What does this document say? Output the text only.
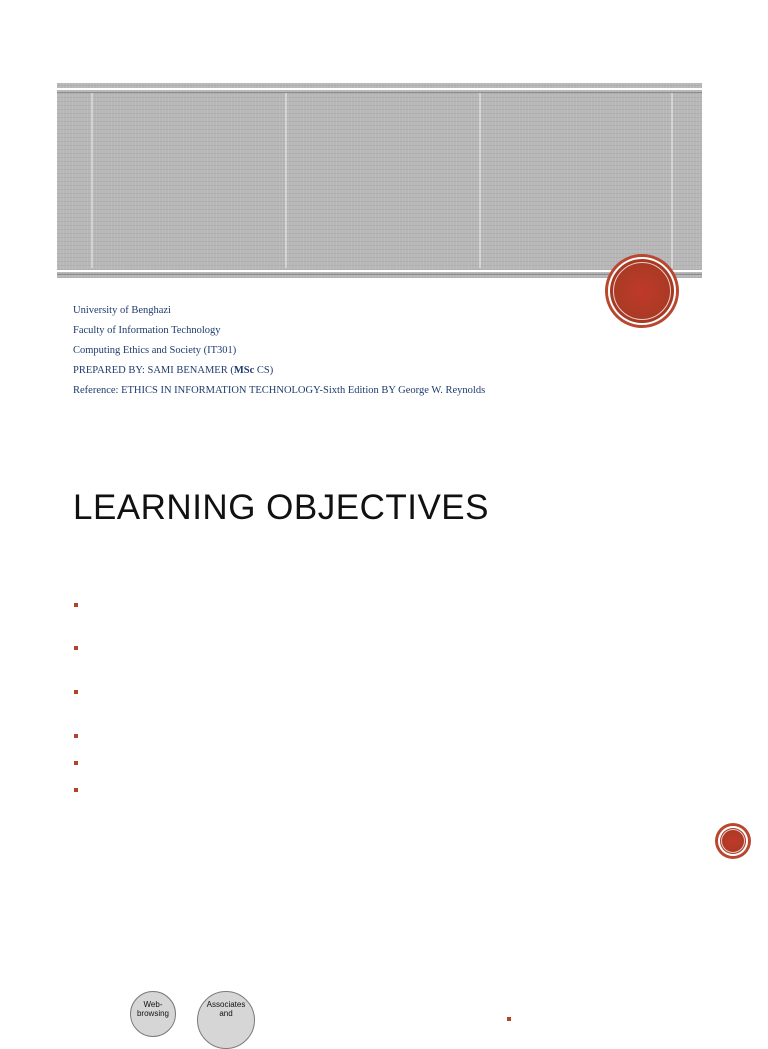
University of Benghazi
Faculty of Information Technology
Computing Ethics and Society (IT301)
PREPARED BY: SAMI BENAMER (MSc CS)
Reference: ETHICS IN INFORMATION TECHNOLOGY-Sixth Edition BY George W. Reynolds
LEARNING OBJECTIVES
Web-
browsing
Associates
and
